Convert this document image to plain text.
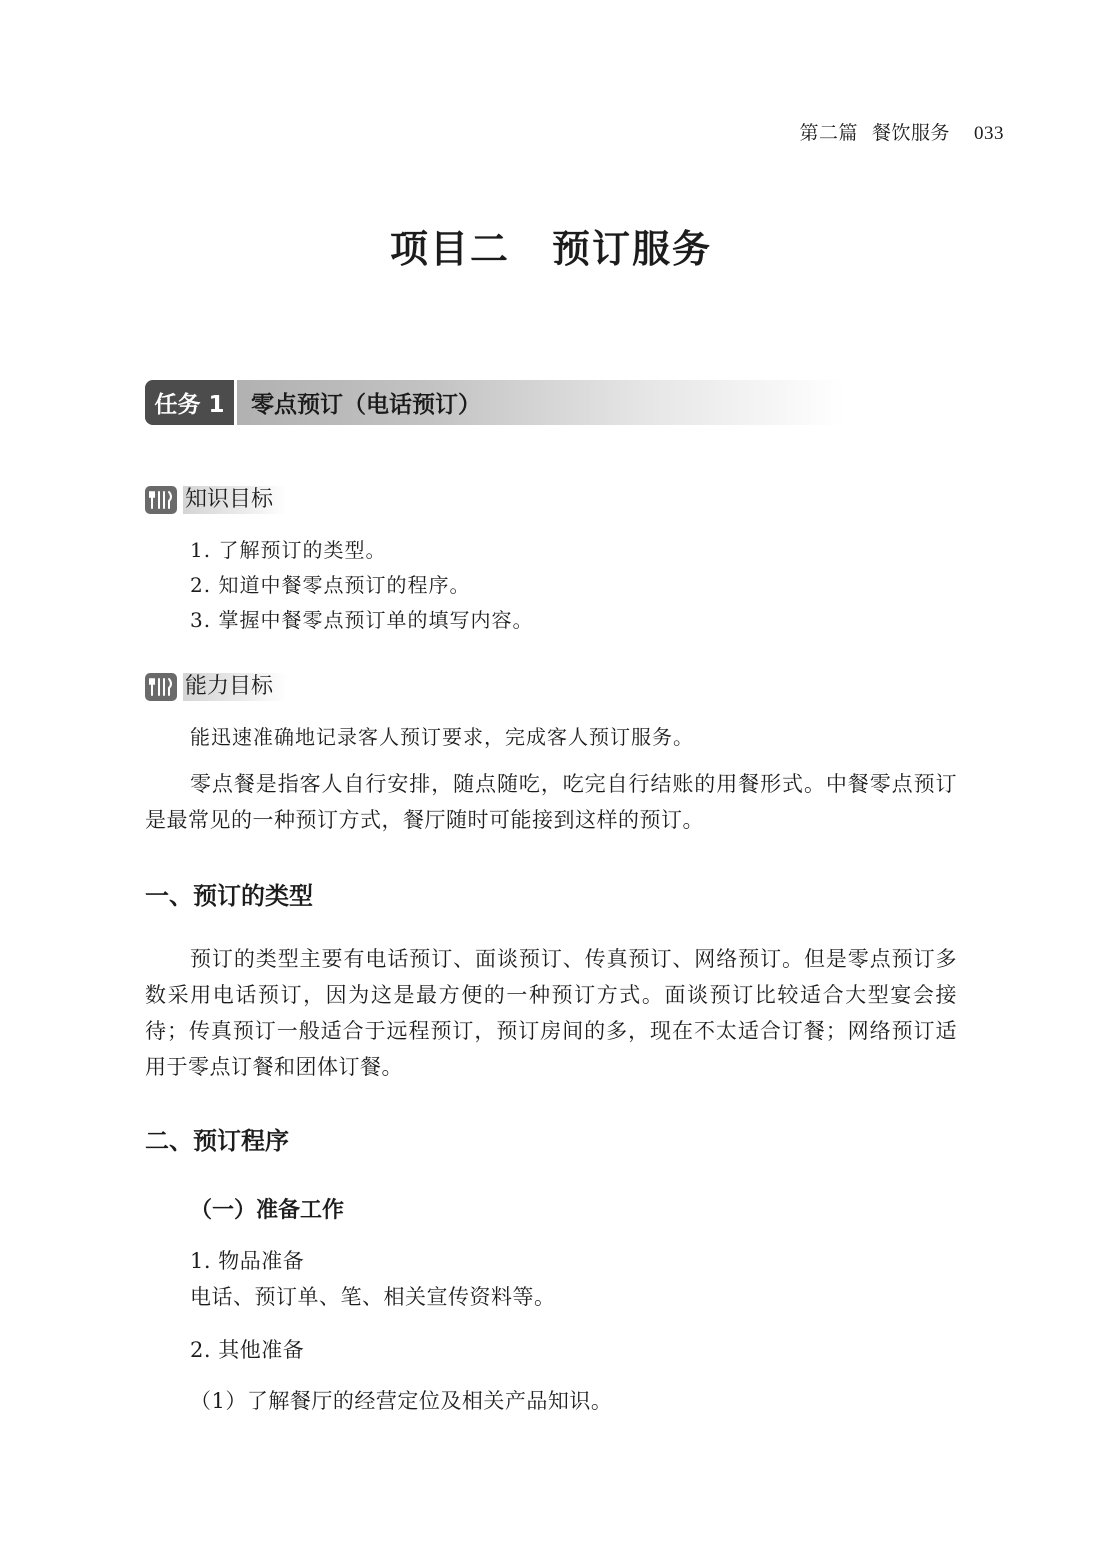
第二篇 餐饮服务 033
项目二 预订服务
任务 1	零点预订（电话预订）
知识目标
1. 了解预订的类型。
2. 知道中餐零点预订的程序。
3. 掌握中餐零点预订单的填写内容。
能力目标
能迅速准确地记录客人预订要求，完成客人预订服务。
零点餐是指客人自行安排，随点随吃，吃完自行结账的用餐形式。中餐零点预订是最常见的一种预订方式，餐厅随时可能接到这样的预订。
一、预订的类型
预订的类型主要有电话预订、面谈预订、传真预订、网络预订。但是零点预订多数采用电话预订，因为这是最方便的一种预订方式。面谈预订比较适合大型宴会接待；传真预订一般适合于远程预订，预订房间的多，现在不太适合订餐；网络预订适用于零点订餐和团体订餐。
二、预订程序
（一）准备工作
1. 物品准备
电话、预订单、笔、相关宣传资料等。
2. 其他准备
（1）了解餐厅的经营定位及相关产品知识。
